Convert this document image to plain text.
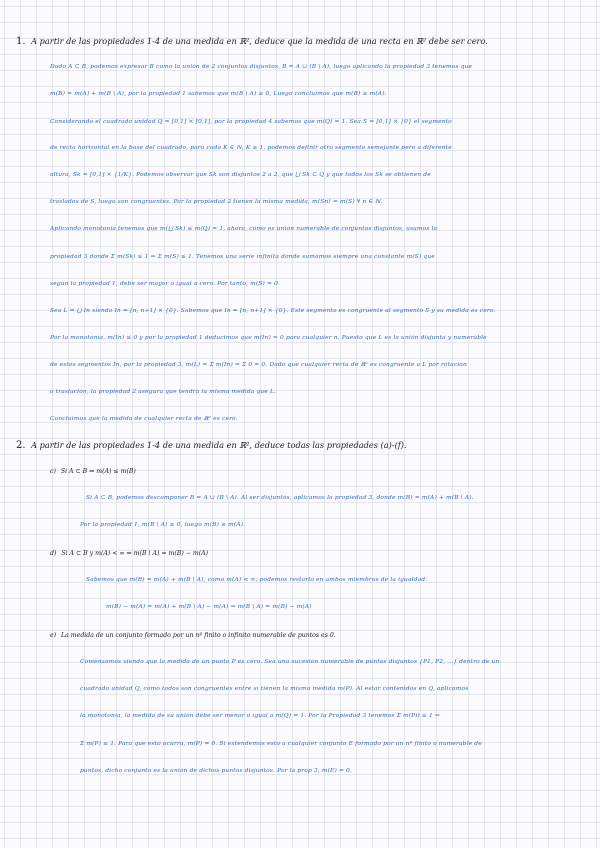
1. A partir de las propiedades 1-4 de una medida en ℝ², deduce que la medida de una recta en ℝ² debe ser cero.
Dado A ⊂ B, podemos expresar B como la unión de 2 conjuntos disjuntos, B = A ∪ (B \ A), luego aplicando la propiedad 3 tenemos que
m(B) = m(A) + m(B \ A), por la propiedad 1 sabemos que m(B \ A) ≥ 0, Luego concluimos que m(B) ≥ m(A).
Considerando el cuadrado unidad Q = [0,1] × [0,1], por la propiedad 4 sabemos que m(Q) = 1. Sea S = [0,1] × {0} el segmento
de recta horizontal en la base del cuadrado, para cada K ∈ ℕ, K ≥ 1, podemos definir otro segmento semejante pero a diferente
altura, Sk = [0,1] × {1/K}. Podemos observar que Sk son disjuntos 2 a 2, que ⋃ Sk ⊂ Q y que todos los Sk se obtienen de
traslados de S, luego son congruentes. Por la propiedad 2 tienen la misma medida, m(Sn) = m(S) ∀ n ∈ ℕ.
Aplicando monotonía tenemos que m(⋃ Sk) ≤ m(Q) = 1, ahora, como es unión numerable de conjuntos disjuntos, usamos la
propiedad 3 donde Σ m(Sk) ≤ 1 ⇒ Σ m(S) ≤ 1. Tenemos una serie infinita donde sumamos siempre una constante m(S) que
según la propiedad 1, debe ser mayor o igual a cero. Por tanto, m(S) = 0.
Sea L = ⋃ In siendo In = [n, n+1] × {0}. Sabemos que In = [n, n+1] × {0}. Este segmento es congruente al segmento S y su medida es cero.
Por la monotonía, m(In) ≤ 0 y por la propiedad 1 deducimos que m(In) = 0 para cualquier n. Puesto que L es la unión disjunta y numerable
de estos segmentos In, por la propiedad 3, m(L) = Σ m(In) = Σ 0 = 0. Dado que cualquier recta de ℝ² es congruente a L por rotación
o traslación, la propiedad 2 asegura que tendrá la misma medida que L.
Concluimos que la medida de cualquier recta de ℝ² es cero.
2. A partir de las propiedades 1-4 de una medida en ℝ², deduce todas las propiedades (a)-(f).
c) Si A ⊂ B ⇒ m(A) ≤ m(B)
Si A ⊂ B, podemos descomponer B = A ∪ (B \ A). Al ser disjuntos, aplicamos la propiedad 3, donde m(B) = m(A) + m(B \ A).
Por la propiedad 1, m(B \ A) ≥ 0, luego m(B) ≥ m(A).
d) Si A ⊂ B y m(A) < ∞ ⇒ m(B \ A) = m(B) − m(A)
Sabemos que m(B) = m(A) + m(B \ A), como m(A) < ∞, podemos restarlo en ambos miembros de la igualdad:
m(B) − m(A) = m(A) + m(B \ A) − m(A) ⇒ m(B \ A) = m(B) − m(A)
e) La medida de un conjunto formado por un nº finito o infinito numerable de puntos es 0.
Comenzamos viendo que la medida de un punto P es cero. Sea una sucesión numerable de puntos disjuntos {P1, P2, ...} dentro de un
cuadrado unidad Q, como todos son congruentes entre sí tienen la misma medida m(P). Al estar contenidos en Q, aplicamos
la monotonía, la medida de su unión debe ser menor o igual a m(Q) = 1. Por la Propiedad 3 tenemos Σ m(Pi) ≤ 1 ⇒
Σ m(P) ≤ 1. Para que esto ocurra, m(P) = 0. Si extendemos esto a cualquier conjunto E formado por un nº finito o numerable de
puntos, dicho conjunto es la unión de dichos puntos disjuntos. Por la prop 3, m(E) = 0.
